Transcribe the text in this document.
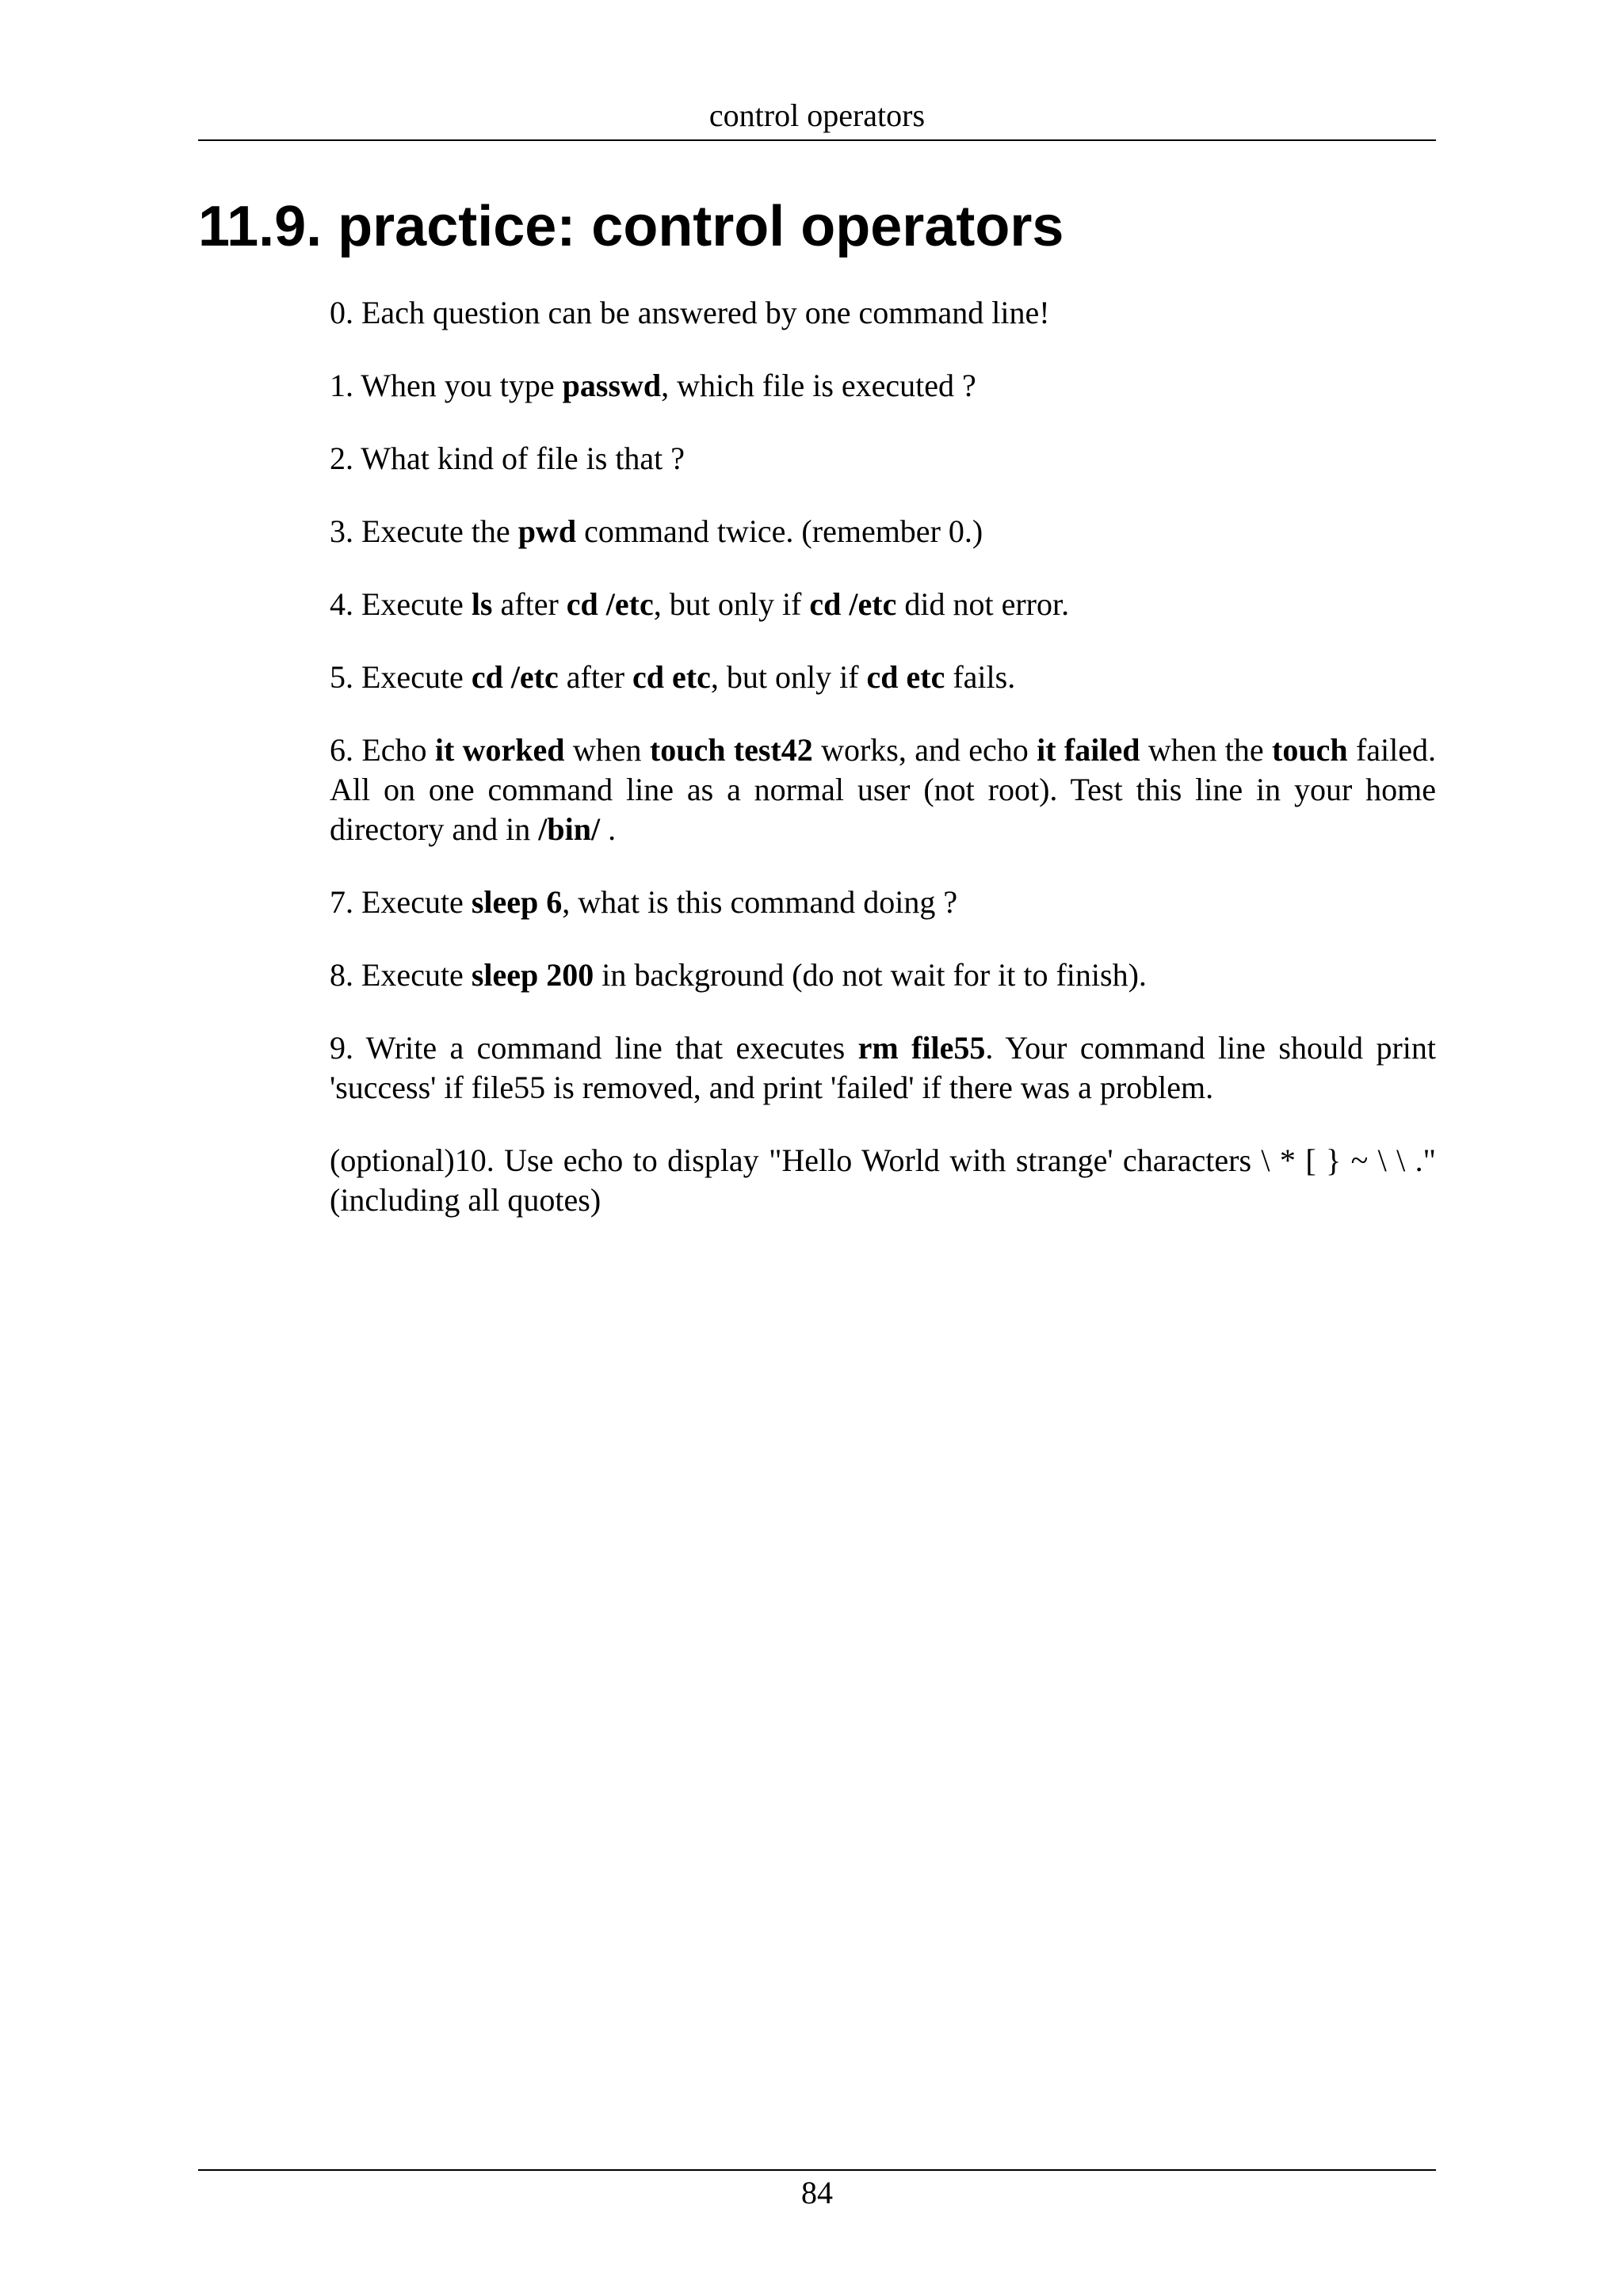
control operators
11.9. practice: control operators

0. Each question can be answered by one command line!

1. When you type passwd, which file is executed ?

2. What kind of file is that ?

3. Execute the pwd command twice. (remember 0.)

4. Execute ls after cd /etc, but only if cd /etc did not error.

5. Execute cd /etc after cd etc, but only if cd etc fails.

6. Echo it worked when touch test42 works, and echo it failed when the touch failed. All on one command line as a normal user (not root). Test this line in your home directory and in /bin/ .

7. Execute sleep 6, what is this command doing ?

8. Execute sleep 200 in background (do not wait for it to finish).

9. Write a command line that executes rm file55. Your command line should print 'success' if file55 is removed, and print 'failed' if there was a problem.

(optional)10. Use echo to display "Hello World with strange' characters \ * [ } ~ \ \ ." (including all quotes)

84
